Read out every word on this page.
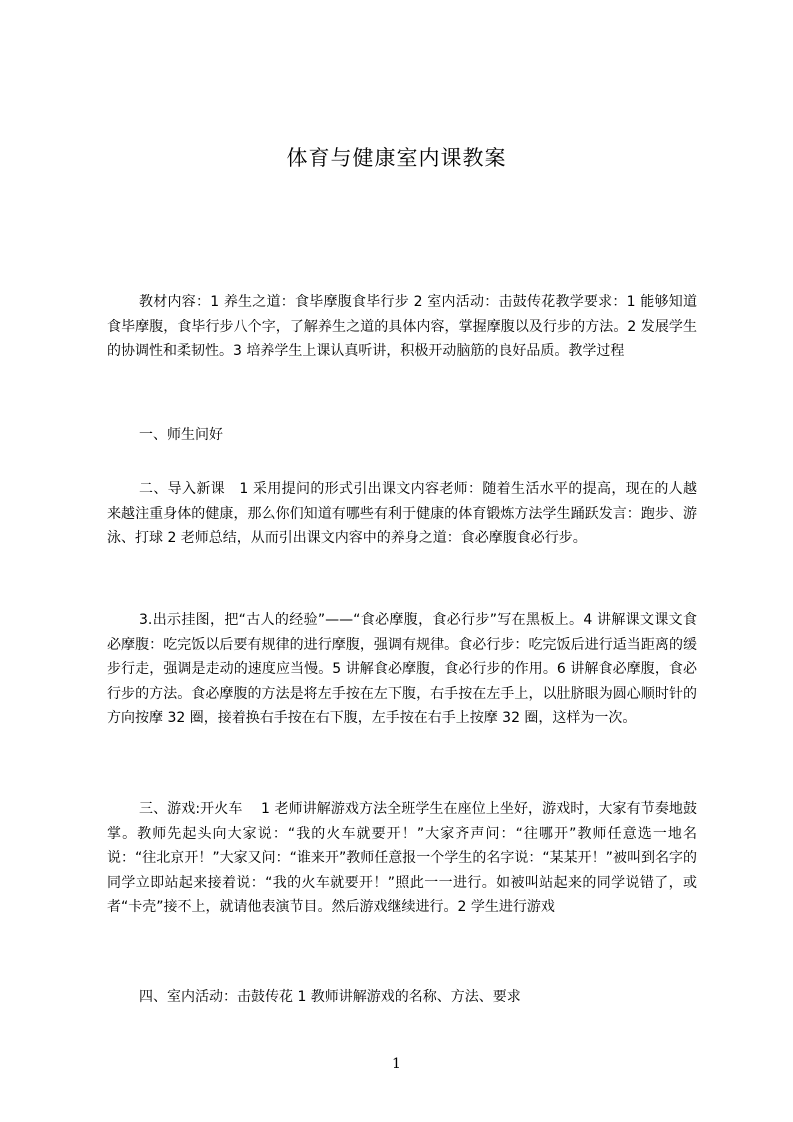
体育与健康室内课教案

教材内容：1 养生之道：食毕摩腹食毕行步 2 室内活动：击鼓传花教学要求：1 能够知道食毕摩腹，食毕行步八个字，了解养生之道的具体内容，掌握摩腹以及行步的方法。2 发展学生的协调性和柔韧性。3 培养学生上课认真听讲，积极开动脑筋的良好品质。教学过程

一、师生问好

二、导入新课　1 采用提问的形式引出课文内容老师：随着生活水平的提高，现在的人越来越注重身体的健康，那么你们知道有哪些有利于健康的体育锻炼方法学生踊跃发言：跑步、游泳、打球 2 老师总结，从而引出课文内容中的养身之道：食必摩腹食必行步。

3.出示挂图，把“古人的经验”——“食必摩腹，食必行步”写在黑板上。4 讲解课文课文食必摩腹：吃完饭以后要有规律的进行摩腹，强调有规律。食必行步：吃完饭后进行适当距离的缓步行走，强调是走动的速度应当慢。5 讲解食必摩腹，食必行步的作用。6 讲解食必摩腹，食必行步的方法。食必摩腹的方法是将左手按在左下腹，右手按在左手上，以肚脐眼为圆心顺时针的方向按摩 32 圈，接着换右手按在右下腹，左手按在右手上按摩 32 圈，这样为一次。

三、游戏:开火车　 1 老师讲解游戏方法全班学生在座位上坐好，游戏时，大家有节奏地鼓掌。教师先起头向大家说：“我的火车就要开！”大家齐声问：“往哪开”教师任意选一地名说：“往北京开！”大家又问：“谁来开”教师任意报一个学生的名字说：“某某开！”被叫到名字的同学立即站起来接着说：“我的火车就要开！”照此一一进行。如被叫站起来的同学说错了，或者“卡壳”接不上，就请他表演节目。然后游戏继续进行。2 学生进行游戏

四、室内活动：击鼓传花 1 教师讲解游戏的名称、方法、要求

1
